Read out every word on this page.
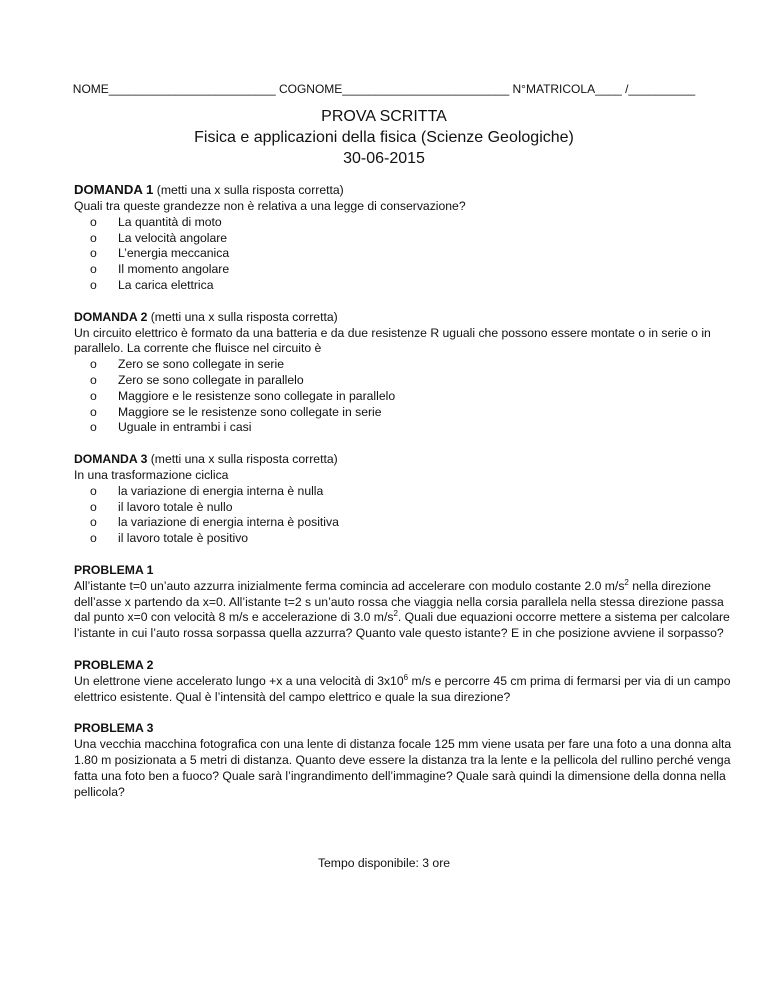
NOME_________________________ COGNOME_________________________ N°MATRICOLA____ /__________
PROVA SCRITTA
Fisica e applicazioni della fisica (Scienze Geologiche)
30-06-2015
DOMANDA 1 (metti una x sulla risposta corretta)

Quali tra queste grandezze non è relativa a una legge di conservazione?

o La quantità di moto
o La velocità angolare
o L’energia meccanica
o Il momento angolare
o La carica elettrica
DOMANDA 2 (metti una x sulla risposta corretta)

Un circuito elettrico è formato da una batteria e da due resistenze R uguali che possono essere montate o in serie o in parallelo. La corrente che fluisce nel circuito è

o Zero se sono collegate in serie
o Zero se sono collegate in parallelo
o Maggiore e le resistenze sono collegate in parallelo
o Maggiore se le resistenze sono collegate in serie
o Uguale in entrambi i casi
DOMANDA 3 (metti una x sulla risposta corretta)

In una trasformazione ciclica

o la variazione di energia interna è nulla
o il lavoro totale è nullo
o la variazione di energia interna è positiva
o il lavoro totale è positivo
PROBLEMA 1

All’istante t=0 un’auto azzurra inizialmente ferma comincia ad accelerare con modulo costante 2.0 $m/s^2$ nella direzione dell’asse x partendo da x=0. All’istante t=2 s un’auto rossa che viaggia nella corsia parallela nella stessa direzione passa dal punto x=0 con velocità 8 m/s e accelerazione di 3.0 $m/s^2$. Quali due equazioni occorre mettere a sistema per calcolare l’istante in cui l’auto rossa sorpassa quella azzurra? Quanto vale questo istante? E in che posizione avviene il sorpasso?

PROBLEMA 2

Un elettrone viene accelerato lungo +x a una velocità di $3x10^6$ m/s e percorre 45 cm prima di fermarsi per via di un campo elettrico esistente. Qual è l’intensità del campo elettrico e quale la sua direzione?

PROBLEMA 3

Una vecchia macchina fotografica con una lente di distanza focale 125 mm viene usata per fare una foto a una donna alta 1.80 m posizionata a 5 metri di distanza. Quanto deve essere la distanza tra la lente e la pellicola del rullino perché venga fatta una foto ben a fuoco? Quale sarà l’ingrandimento dell’immagine? Quale sarà quindi la dimensione della donna nella pellicola?

Tempo disponibile: 3 ore
